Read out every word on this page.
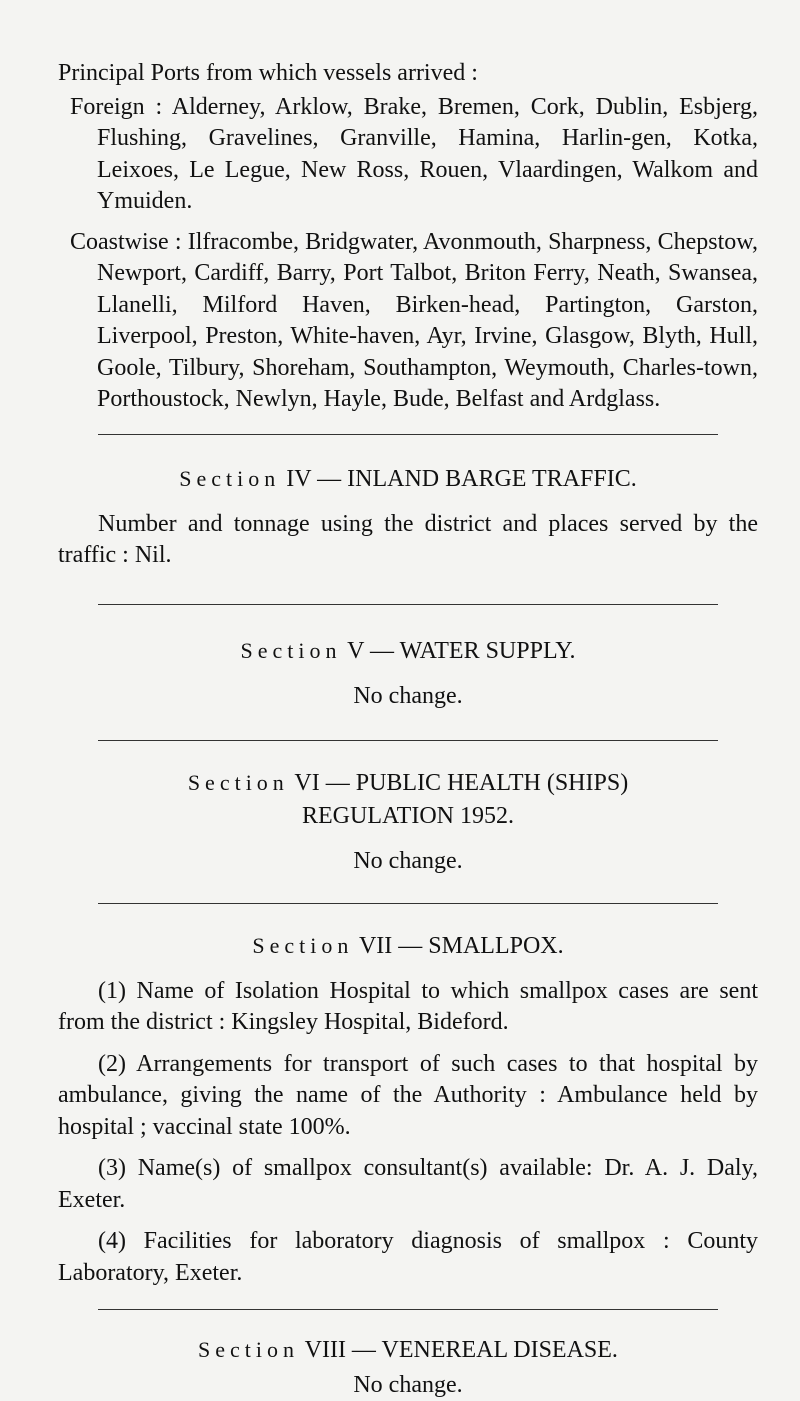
Principal Ports from which vessels arrived :

Foreign : Alderney, Arklow, Brake, Bremen, Cork, Dublin, Esbjerg, Flushing, Gravelines, Granville, Hamina, Harlin-gen, Kotka, Leixoes, Le Legue, New Ross, Rouen, Vlaardingen, Walkom and Ymuiden.

Coastwise : Ilfracombe, Bridgwater, Avonmouth, Sharpness, Chepstow, Newport, Cardiff, Barry, Port Talbot, Briton Ferry, Neath, Swansea, Llanelli, Milford Haven, Birken-head, Partington, Garston, Liverpool, Preston, White-haven, Ayr, Irvine, Glasgow, Blyth, Hull, Goole, Tilbury, Shoreham, Southampton, Weymouth, Charles-town, Porthoustock, Newlyn, Hayle, Bude, Belfast and Ardglass.

Section IV — INLAND BARGE TRAFFIC.

Number and tonnage using the district and places served by the traffic : Nil.

Section V — WATER SUPPLY.

No change.

Section VI — PUBLIC HEALTH (SHIPS)

REGULATION 1952.

No change.

Section VII — SMALLPOX.

(1) Name of Isolation Hospital to which smallpox cases are sent from the district : Kingsley Hospital, Bideford.

(2) Arrangements for transport of such cases to that hospital by ambulance, giving the name of the Authority : Ambulance held by hospital ; vaccinal state 100%.

(3) Name(s) of smallpox consultant(s) available: Dr. A. J. Daly, Exeter.

(4) Facilities for laboratory diagnosis of smallpox : County Laboratory, Exeter.

Section VIII — VENEREAL DISEASE.

No change.
